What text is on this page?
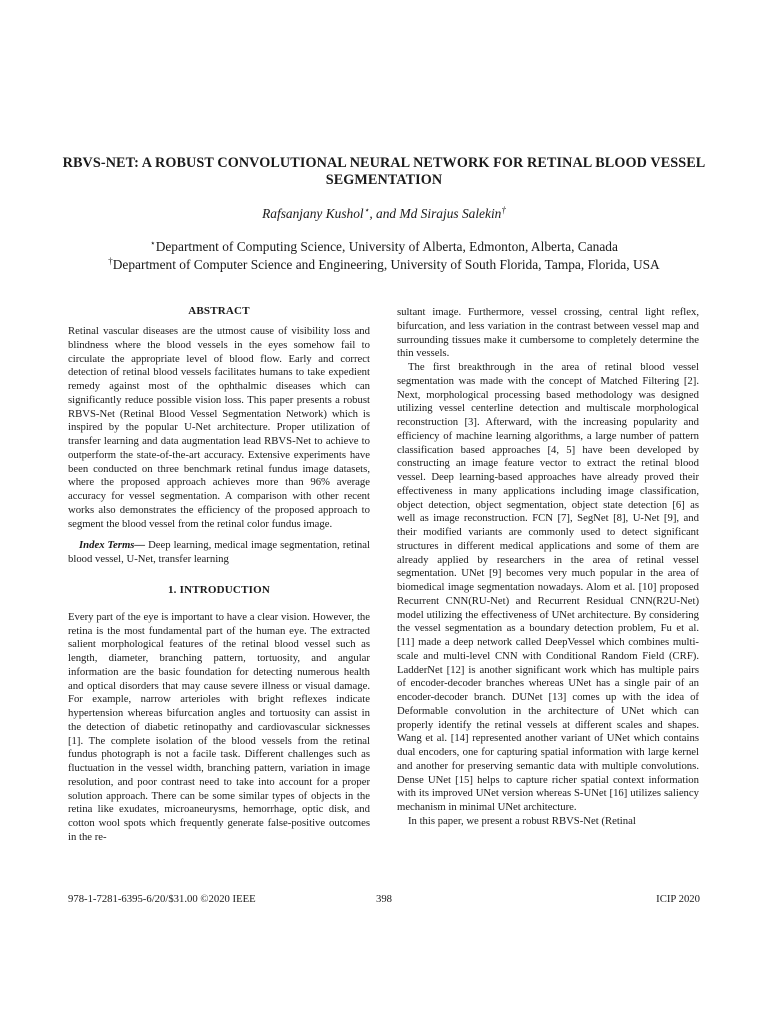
RBVS-NET: A ROBUST CONVOLUTIONAL NEURAL NETWORK FOR RETINAL BLOOD VESSEL SEGMENTATION
Rafsanjany Kushol⋆, and Md Sirajus Salekin†
⋆Department of Computing Science, University of Alberta, Edmonton, Alberta, Canada
†Department of Computer Science and Engineering, University of South Florida, Tampa, Florida, USA
ABSTRACT

Retinal vascular diseases are the utmost cause of visibility loss and blindness where the blood vessels in the eyes somehow fail to circulate the appropriate level of blood flow. Early and correct detection of retinal blood vessels facilitates humans to take expedient remedy against most of the ophthalmic diseases which can significantly reduce possible vision loss. This paper presents a robust RBVS-Net (Retinal Blood Vessel Segmentation Network) which is inspired by the popular U-Net architecture. Proper utilization of transfer learning and data augmentation lead RBVS-Net to achieve to outperform the state-of-the-art accuracy. Extensive experiments have been conducted on three benchmark retinal fundus image datasets, where the proposed approach achieves more than 96% average accuracy for vessel segmentation. A comparison with other recent works also demonstrates the efficiency of the proposed approach to segment the blood vessel from the retinal color fundus image.

Index Terms— Deep learning, medical image segmentation, retinal blood vessel, U-Net, transfer learning

1. INTRODUCTION

Every part of the eye is important to have a clear vision. However, the retina is the most fundamental part of the human eye. The extracted salient morphological features of the retinal blood vessel such as length, diameter, branching pattern, tortuosity, and angular information are the basic foundation for detecting numerous health and optical disorders that may cause severe illness or visual damage. For example, narrow arterioles with bright reflexes indicate hypertension whereas bifurcation angles and tortuosity can assist in the detection of diabetic retinopathy and cardiovascular sicknesses [1]. The complete isolation of the blood vessels from the retinal fundus photograph is not a facile task. Different challenges such as fluctuation in the vessel width, branching pattern, variation in image resolution, and poor contrast need to take into account for a proper solution approach. There can be some similar types of objects in the retina like exudates, microaneurysms, hemorrhage, optic disk, and cotton wool spots which frequently generate false-positive outcomes in the re-

sultant image. Furthermore, vessel crossing, central light reflex, bifurcation, and less variation in the contrast between vessel map and surrounding tissues make it cumbersome to completely determine the thin vessels.

The first breakthrough in the area of retinal blood vessel segmentation was made with the concept of Matched Filtering [2]. Next, morphological processing based methodology was designed utilizing vessel centerline detection and multiscale morphological reconstruction [3]. Afterward, with the increasing popularity and efficiency of machine learning algorithms, a large number of pattern classification based approaches [4, 5] have been developed by constructing an image feature vector to extract the retinal blood vessel. Deep learning-based approaches have already proved their effectiveness in many applications including image classification, object detection, object segmentation, object state detection [6] as well as image reconstruction. FCN [7], SegNet [8], U-Net [9], and their modified variants are commonly used to detect significant structures in different medical applications and some of them are already applied by researchers in the area of retinal vessel segmentation. UNet [9] becomes very much popular in the area of biomedical image segmentation nowadays. Alom et al. [10] proposed Recurrent CNN(RU-Net) and Recurrent Residual CNN(R2U-Net) model utilizing the effectiveness of UNet architecture. By considering the vessel segmentation as a boundary detection problem, Fu et al. [11] made a deep network called DeepVessel which combines multi-scale and multi-level CNN with Conditional Random Field (CRF). LadderNet [12] is another significant work which has multiple pairs of encoder-decoder branches whereas UNet has a single pair of an encoder-decoder branch. DUNet [13] comes up with the idea of Deformable convolution in the architecture of UNet which can properly identify the retinal vessels at different scales and shapes. Wang et al. [14] represented another variant of UNet which contains dual encoders, one for capturing spatial information with large kernel and another for preserving semantic data with multiple convolutions. Dense UNet [15] helps to capture richer spatial context information with its improved UNet version whereas S-UNet [16] utilizes saliency mechanism in minimal UNet architecture.

In this paper, we present a robust RBVS-Net (Retinal

978-1-7281-6395-6/20/$31.00 ©2020 IEEE	398	ICIP 2020
